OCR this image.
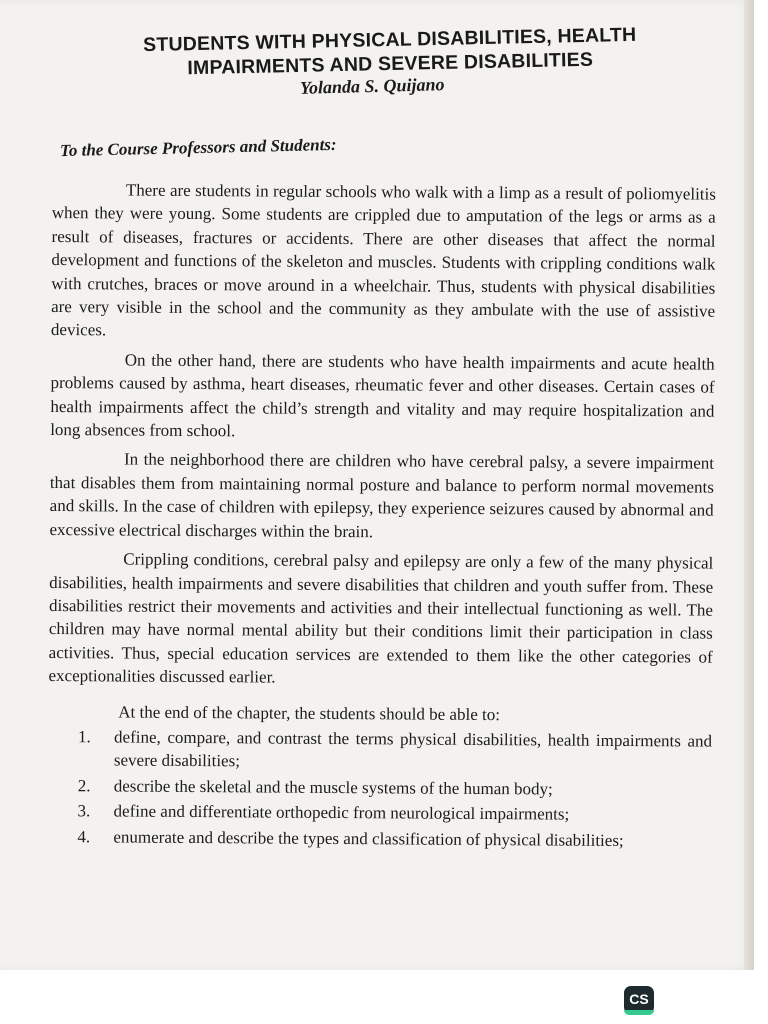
STUDENTS WITH PHYSICAL DISABILITIES, HEALTH
IMPAIRMENTS AND SEVERE DISABILITIES
Yolanda S. Quijano
To the Course Professors and Students:

There are students in regular schools who walk with a limp as a result of poliomyelitis when they were young. Some students are crippled due to amputation of the legs or arms as a result of diseases, fractures or accidents. There are other diseases that affect the normal development and functions of the skeleton and muscles. Students with crippling conditions walk with crutches, braces or move around in a wheelchair. Thus, students with physical disabilities are very visible in the school and the community as they ambulate with the use of assistive devices.

On the other hand, there are students who have health impairments and acute health problems caused by asthma, heart diseases, rheumatic fever and other diseases. Certain cases of health impairments affect the child’s strength and vitality and may require hospitalization and long absences from school.

In the neighborhood there are children who have cerebral palsy, a severe impairment that disables them from maintaining normal posture and balance to perform normal movements and skills. In the case of children with epilepsy, they experience seizures caused by abnormal and excessive electrical discharges within the brain.

Crippling conditions, cerebral palsy and epilepsy are only a few of the many physical disabilities, health impairments and severe disabilities that children and youth suffer from. These disabilities restrict their movements and activities and their intellectual functioning as well. The children may have normal mental ability but their conditions limit their participation in class activities. Thus, special education services are extended to them like the other categories of exceptionalities discussed earlier.

At the end of the chapter, the students should be able to:
1. define, compare, and contrast the terms physical disabilities, health impairments and severe disabilities;
2. describe the skeletal and the muscle systems of the human body;
3. define and differentiate orthopedic from neurological impairments;
4. enumerate and describe the types and classification of physical disabilities;
CS
